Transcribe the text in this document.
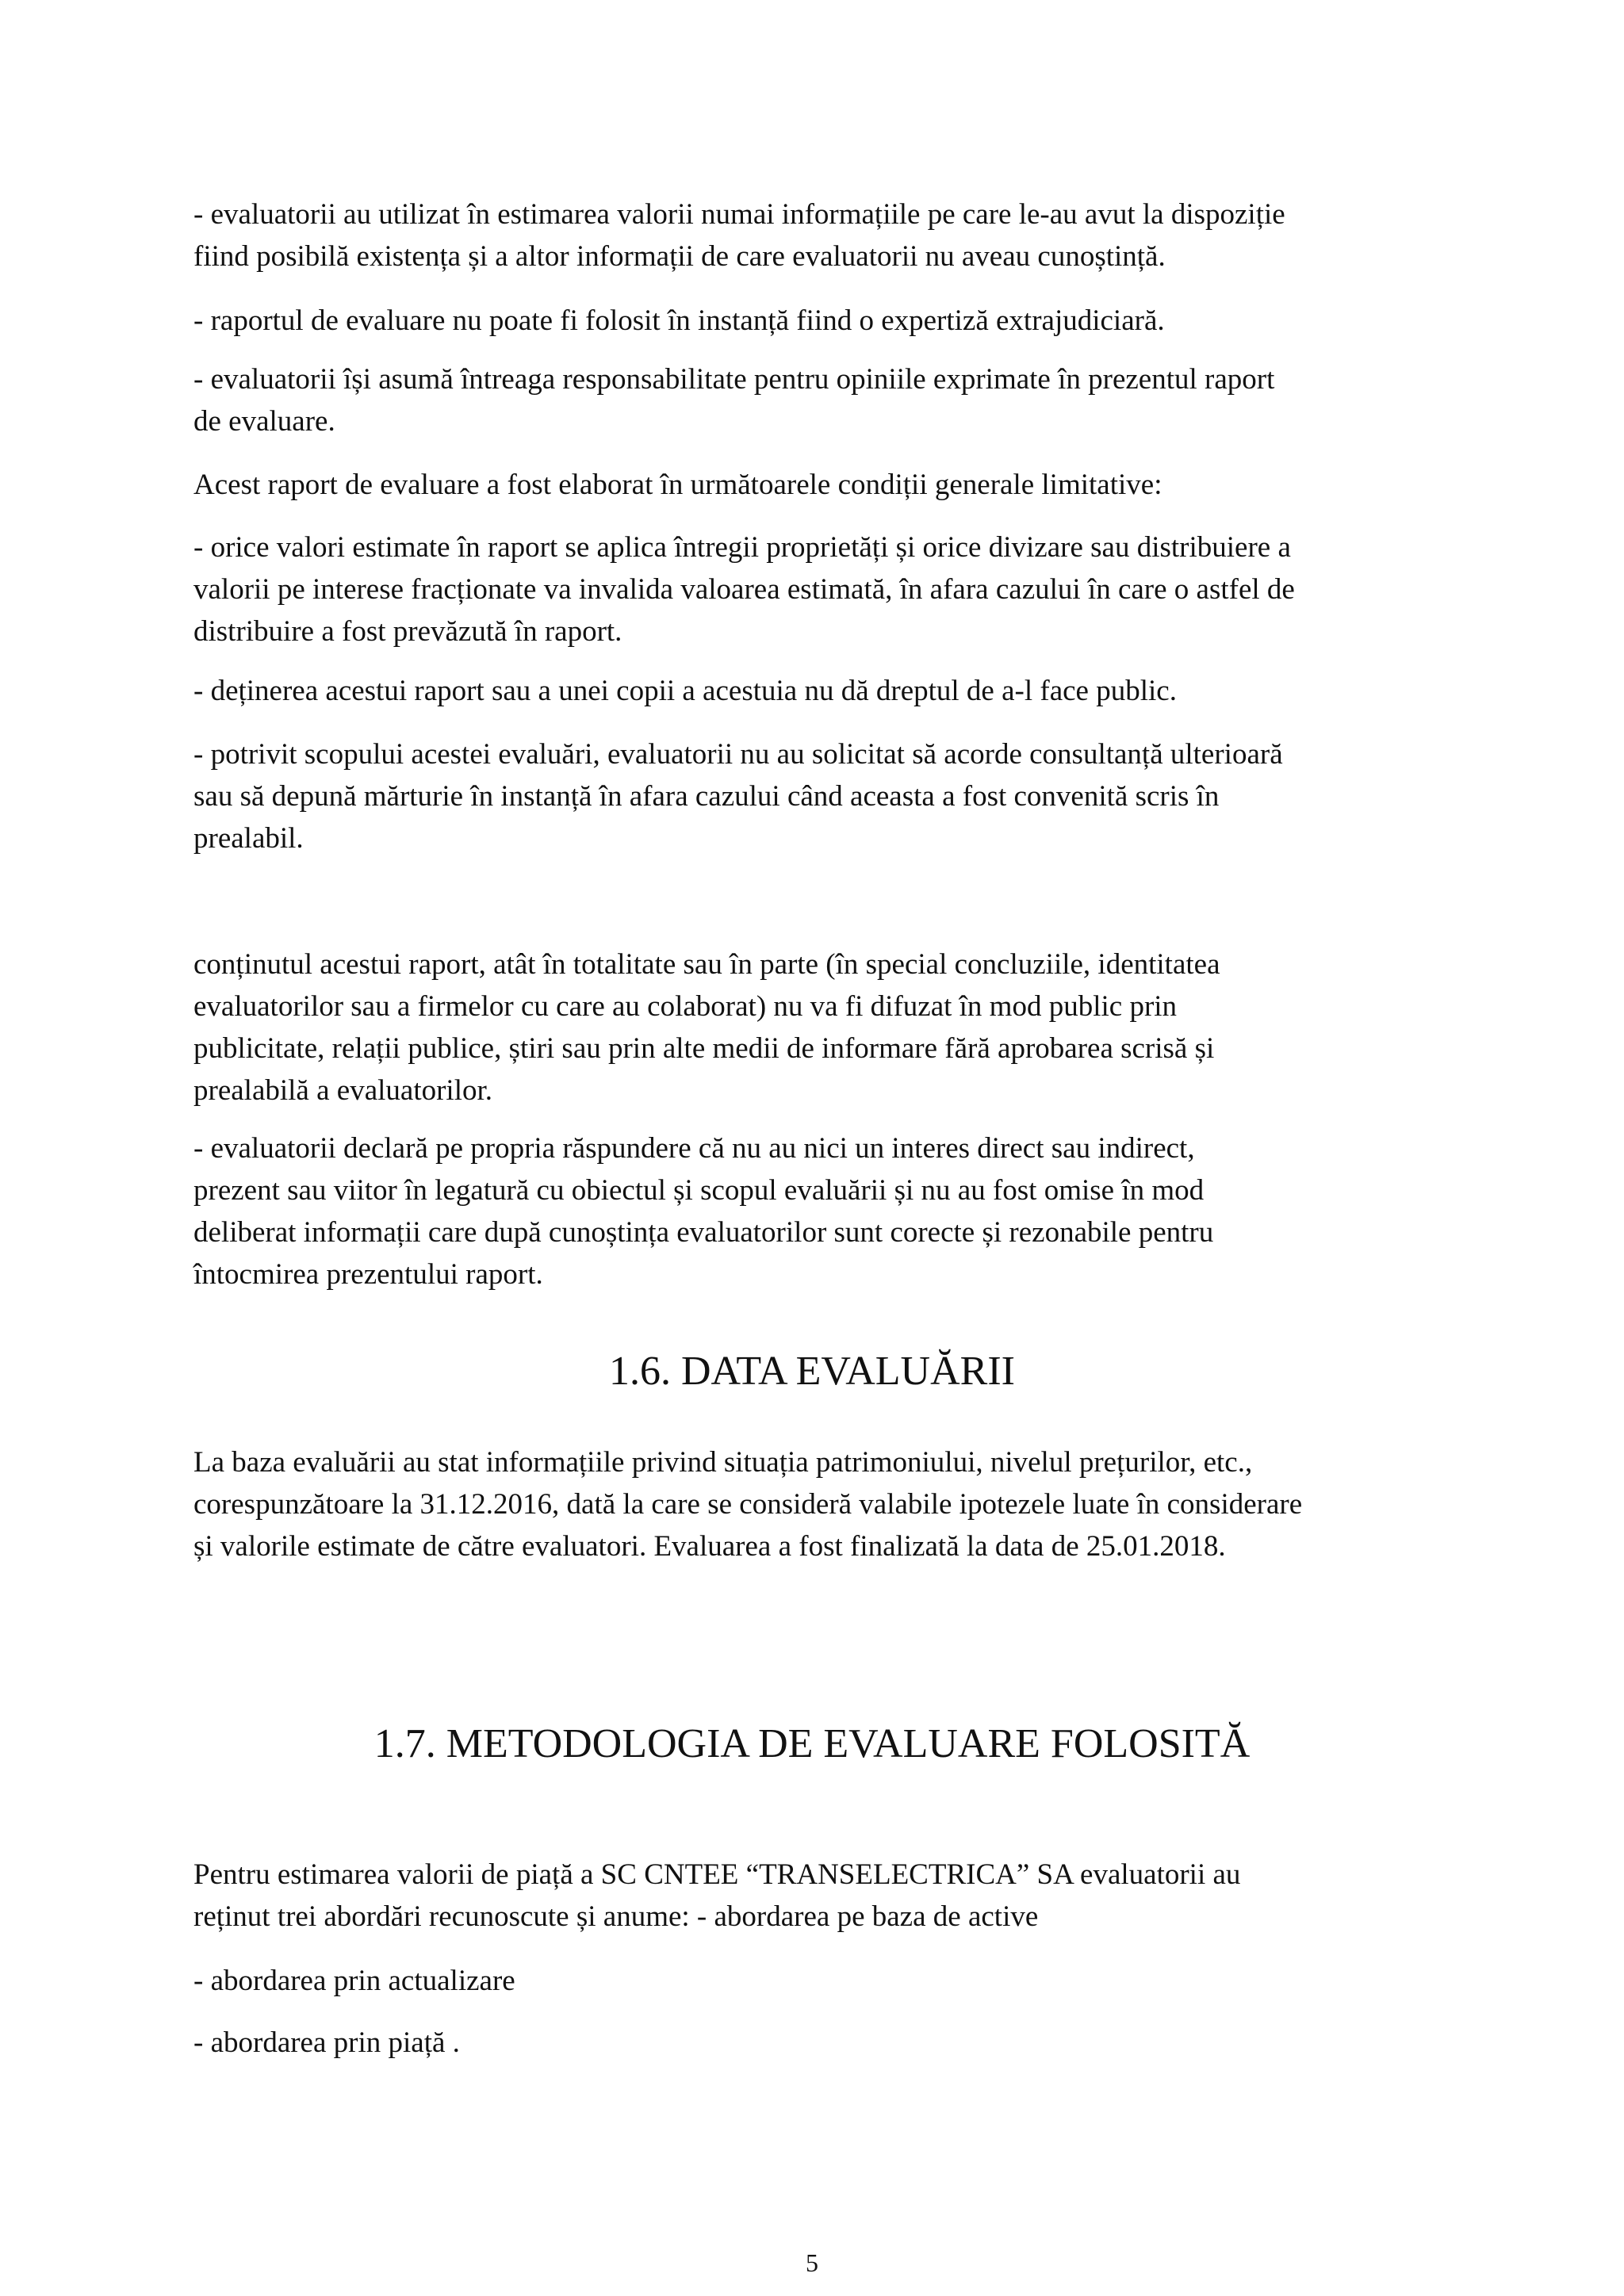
- evaluatorii au utilizat în estimarea valorii numai informațiile pe care le-au avut la dispoziție
fiind posibilă existența și a altor informații de care evaluatorii nu aveau cunoștință.

- raportul de evaluare nu poate fi folosit în instanță fiind o expertiză extrajudiciară.

- evaluatorii își asumă întreaga responsabilitate pentru opiniile exprimate în prezentul raport
de evaluare.

Acest raport de evaluare a fost elaborat în următoarele condiții generale limitative:

- orice valori estimate în raport se aplica întregii proprietăți și orice divizare sau distribuiere a
valorii pe interese fracționate va invalida valoarea estimată, în afara cazului în care o astfel de
distribuire a fost prevăzută în raport.

- deținerea acestui raport sau a unei copii a acestuia nu dă dreptul de a-l face public.

- potrivit scopului acestei evaluări, evaluatorii nu au solicitat să acorde consultanță ulterioară
sau să depună mărturie în instanță în afara cazului când aceasta a fost convenită scris în
prealabil.

conținutul acestui raport, atât în totalitate sau în parte (în special concluziile, identitatea
evaluatorilor sau a firmelor cu care au colaborat) nu va fi difuzat în mod public prin
publicitate, relații publice, știri sau prin alte medii de informare fără aprobarea scrisă și
prealabilă a evaluatorilor.

- evaluatorii declară pe propria răspundere că nu au nici un interes direct sau indirect,
prezent sau viitor în legatură cu obiectul și scopul evaluării și nu au fost omise în mod
deliberat informații care după cunoștința evaluatorilor sunt corecte și rezonabile pentru
întocmirea prezentului raport.

1.6. DATA EVALUĂRII

La baza evaluării au stat informațiile privind situația patrimoniului, nivelul prețurilor, etc.,
corespunzătoare la 31.12.2016, dată la care se consideră valabile ipotezele luate în considerare
și valorile estimate de către evaluatori. Evaluarea a fost finalizată la data de 25.01.2018.

1.7. METODOLOGIA DE EVALUARE FOLOSITĂ

Pentru estimarea valorii de piață a SC CNTEE “TRANSELECTRICA” SA evaluatorii au
reținut trei abordări recunoscute și anume: - abordarea pe baza de active

- abordarea prin actualizare

- abordarea prin piață .

5
